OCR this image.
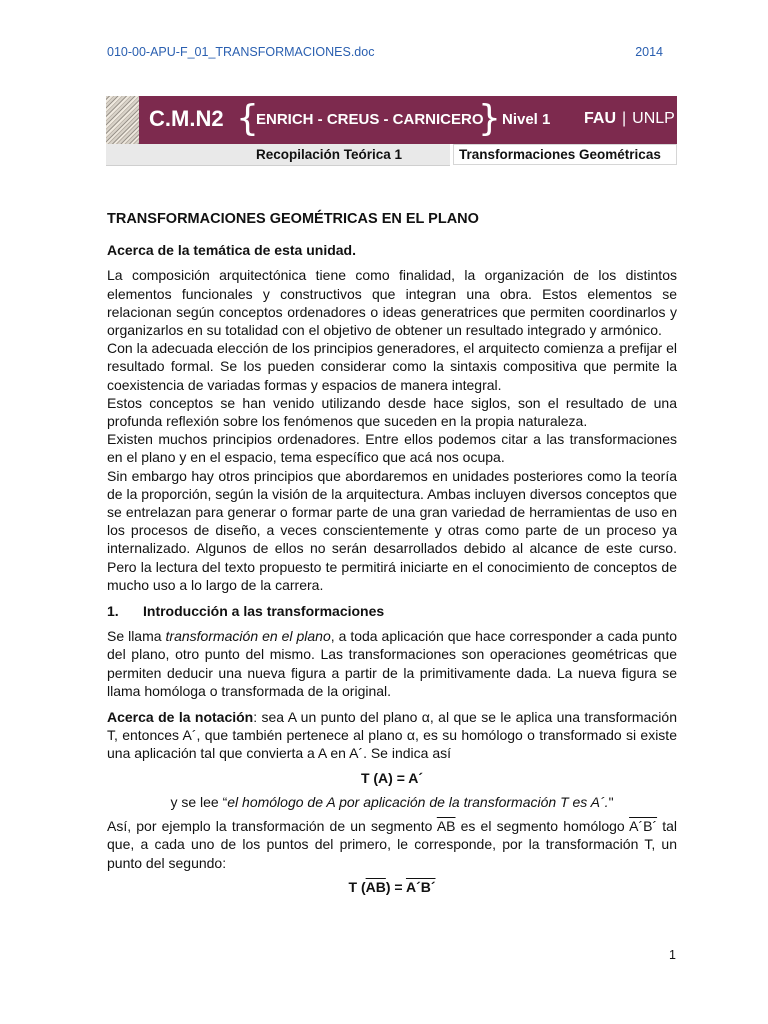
010-00-APU-F_01_TRANSFORMACIONES.doc	2014
C.M.N2 {
ENRICH - CREUS - CARNICERO
} Nivel 1 FAU | UNLP
Recopilación Teórica 1	Transformaciones Geométricas
TRANSFORMACIONES GEOMÉTRICAS EN EL PLANO
Acerca de la temática de esta unidad.

La composición arquitectónica tiene como finalidad, la organización de los distintos elementos funcionales y constructivos que integran una obra. Estos elementos se relacionan según conceptos ordenadores o ideas generatrices que permiten coordinarlos y organizarlos en su totalidad con el objetivo de obtener un resultado integrado y armónico.

Con la adecuada elección de los principios generadores, el arquitecto comienza a prefijar el resultado formal. Se los pueden considerar como la sintaxis compositiva que permite la coexistencia de variadas formas y espacios de manera integral.

Estos conceptos se han venido utilizando desde hace siglos, son el resultado de una profunda reflexión sobre los fenómenos que suceden en la propia naturaleza.

Existen muchos principios ordenadores. Entre ellos podemos citar a las transformaciones en el plano y en el espacio, tema específico que acá nos ocupa.

Sin embargo hay otros principios que abordaremos en unidades posteriores como la teoría de la proporción, según la visión de la arquitectura. Ambas incluyen diversos conceptos que se entrelazan para generar o formar parte de una gran variedad de herramientas de uso en los procesos de diseño, a veces conscientemente y otras como parte de un proceso ya internalizado. Algunos de ellos no serán desarrollados debido al alcance de este curso. Pero la lectura del texto propuesto te permitirá iniciarte en el conocimiento de conceptos de mucho uso a lo largo de la carrera.

1. Introducción a las transformaciones

Se llama transformación en el plano, a toda aplicación que hace corresponder a cada punto del plano, otro punto del mismo. Las transformaciones son operaciones geométricas que permiten deducir una nueva figura a partir de la primitivamente dada. La nueva figura se llama homóloga o transformada de la original.

Acerca de la notación: sea A un punto del plano α, al que se le aplica una transformación T, entonces A´, que también pertenece al plano α, es su homólogo o transformado si existe una aplicación tal que convierta a A en A´. Se indica así

T (A) = A´
y se lee “el homólogo de A por aplicación de la transformación T es A´."

Así, por ejemplo la transformación de un segmento $\overline{AB}$ es el segmento homólogo A´B´ tal que, a cada uno de los puntos del primero, le corresponde, por la transformación T, un punto del segundo:

T $(\overline{AB})$ = A´B´
1
